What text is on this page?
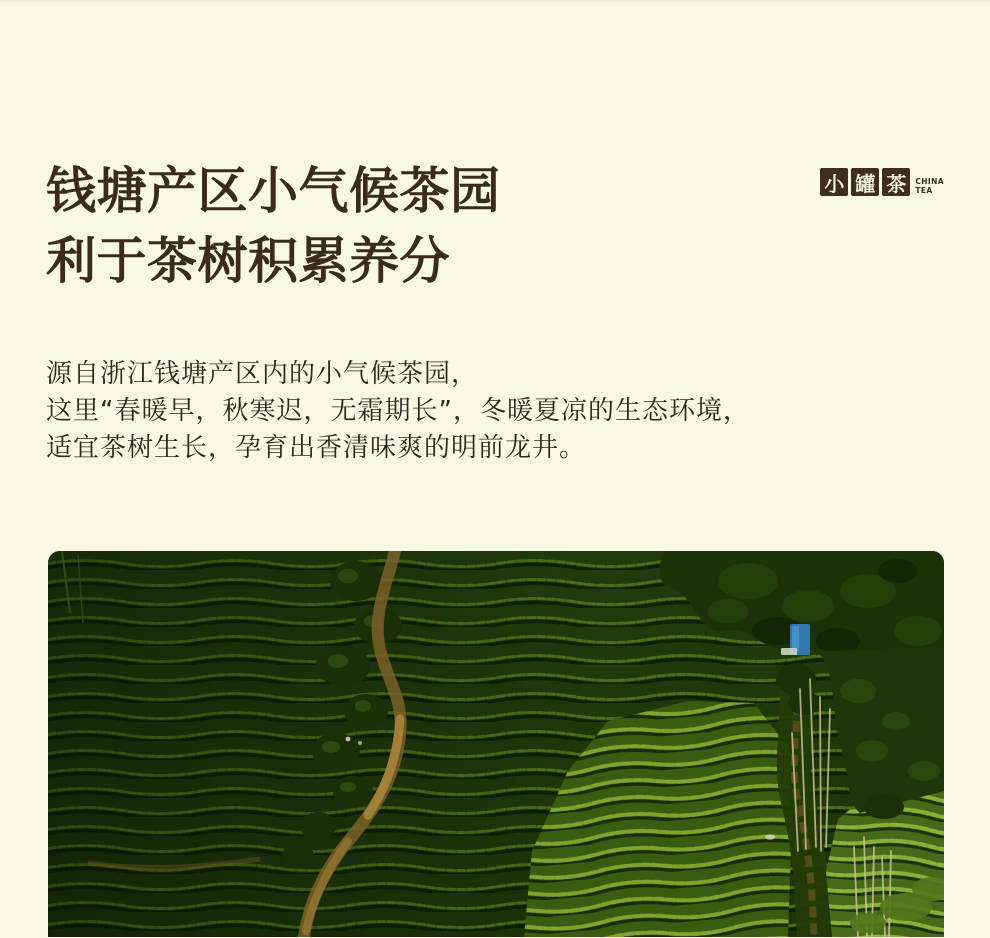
小 罐 茶	CHINA
TEA
钱塘产区小气候茶园
利于茶树积累养分

源自浙江钱塘产区内的小气候茶园，
这里“春暖早，秋寒迟，无霜期长”，冬暖夏凉的生态环境，
适宜茶树生长，孕育出香清味爽的明前龙井。
